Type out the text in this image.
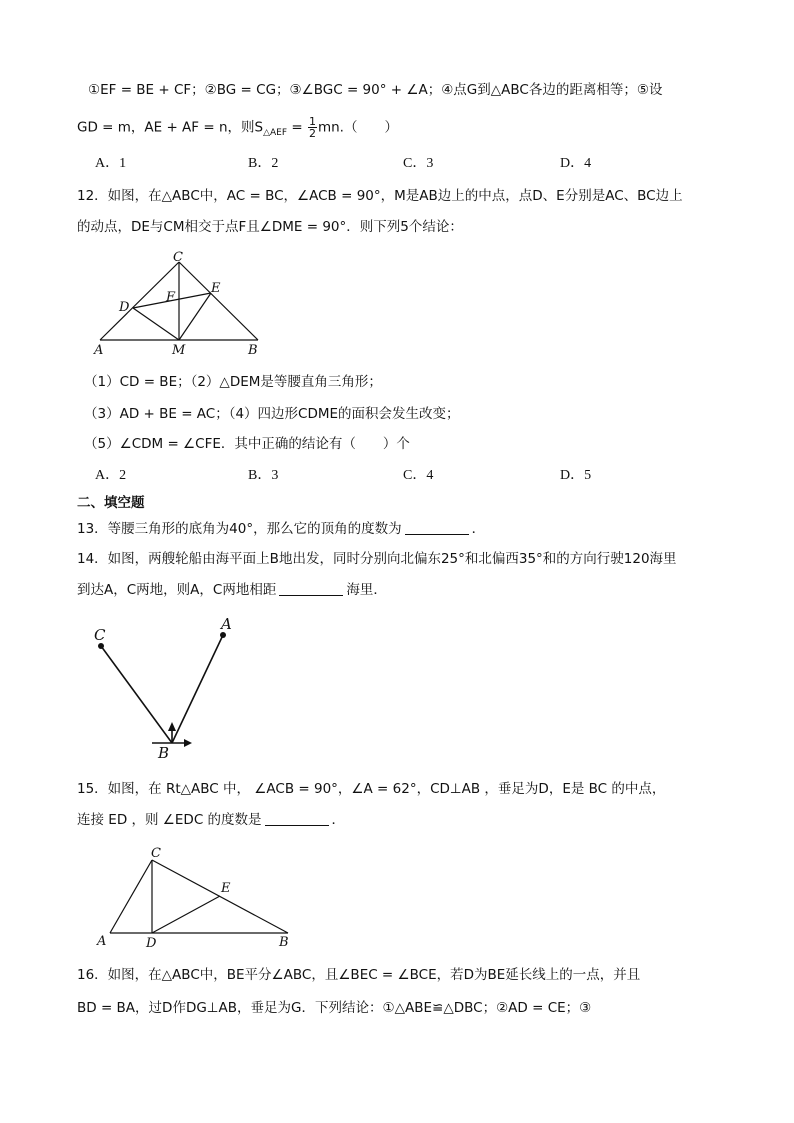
①EF = BE + CF；②BG = CG；③∠BGC = 90° + ∠A；④点G到△ABC各边的距离相等；⑤设
GD = m，AE + AF = n，则$S_{\triangle AEF} = \frac{1}{2} mn$.（　　）
A．1	B．2	C．3	D．4
12．如图，在△ABC中，AC = BC，∠ACB = 90°，M是AB边上的中点，点D、E分别是AC、BC边上
的动点，DE与CM相交于点F且∠DME = 90°．则下列5个结论：
C
D
F
E
A	M	B
（1）CD = BE；（2）△DEM是等腰直角三角形；
（3）AD + BE = AC；（4）四边形CDME的面积会发生改变；
（5）∠CDM = ∠CFE．其中正确的结论有（　　）个
A．2	B．3	C．4	D．5
二、填空题
13．等腰三角形的底角为40°，那么它的顶角的度数为	．
14．如图，两艘轮船由海平面上B地出发，同时分别向北偏东25°和北偏西35°和的方向行驶120海里
到达A，C两地，则A，C两地相距	海里．
C
A
B
15．如图，在 Rt△ABC 中， ∠ACB = 90°，∠A = 62°，CD⊥AB ，垂足为D，E是 BC 的中点，
连接 ED ，则 ∠EDC 的度数是	．
C
E
A	D	B
16．如图，在△ABC中，BE平分∠ABC，且∠BEC = ∠BCE，若D为BE延长线上的一点，并且
BD = BA，过D作DG⊥AB，垂足为G．下列结论：①△ABE≌△DBC；②AD = CE；③
